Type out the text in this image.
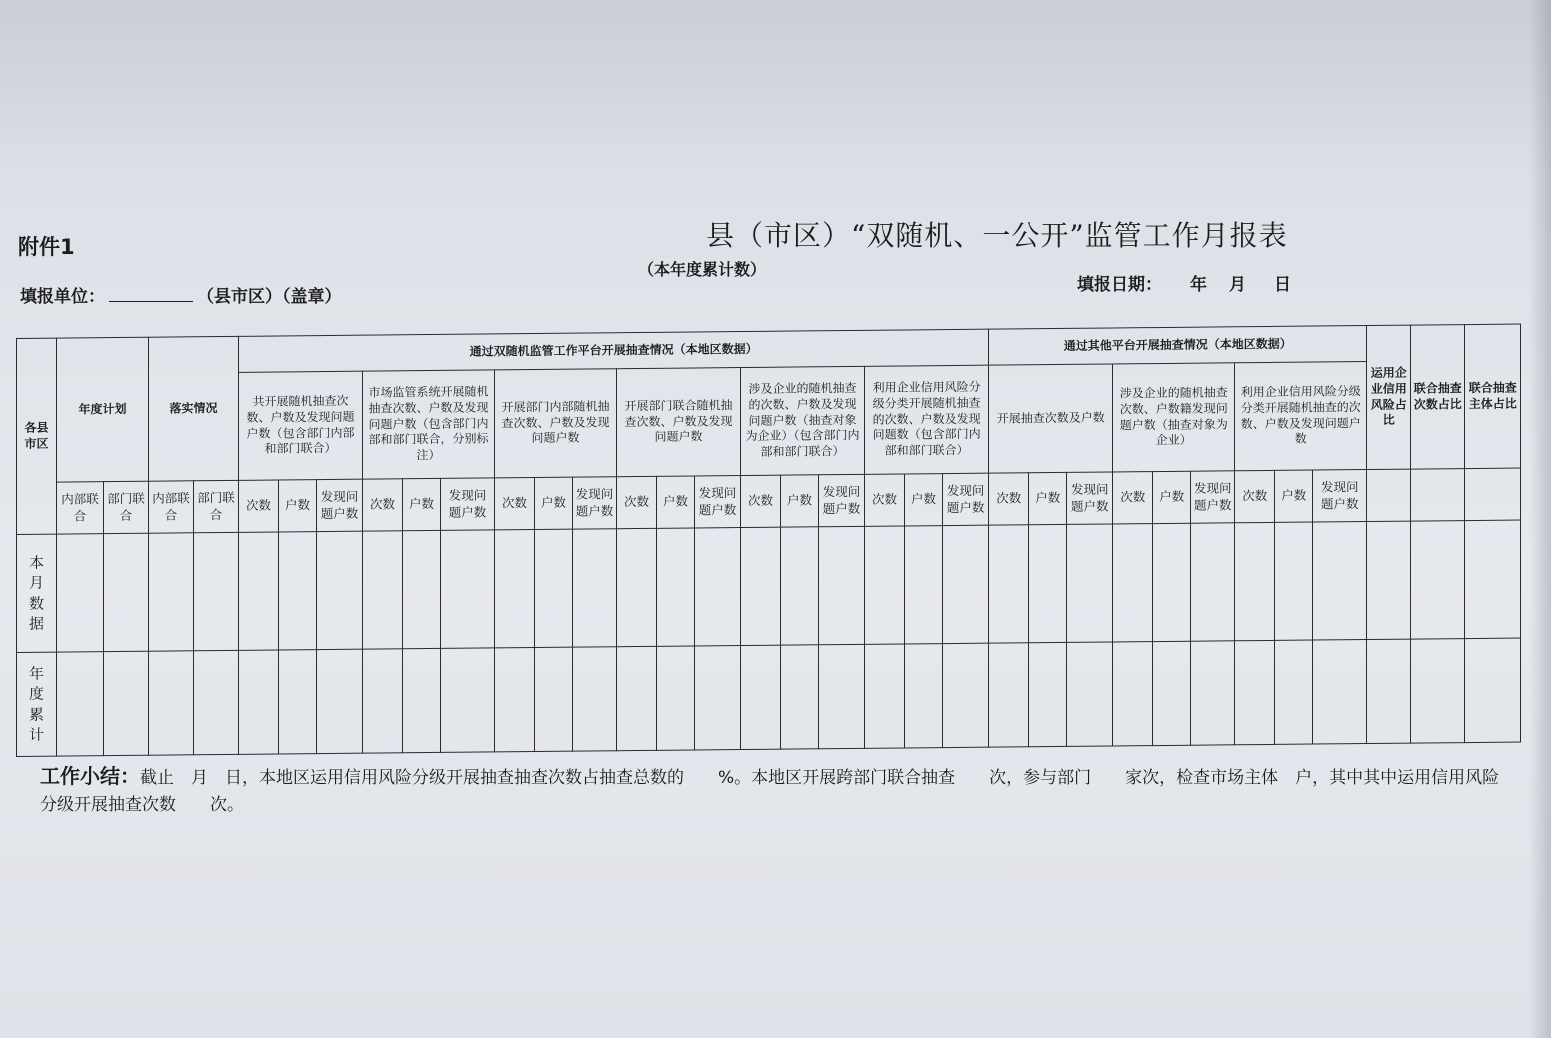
附件1	县（市区）“双随机、一公开”监管工作月报表
（本年度累计数）
填报单位：	（县市区）（盖章）
填报日期： 年 月 日
各县市区	年度计划		落实情况		通过双随机监管工作平台开展抽查情况（本地区数据）																		通过其他平台开展抽查情况（本地区数据）									运用企业信用风险占比	联合抽查次数占比	联合抽查主体占比
					共开展随机抽查次数、户数及发现问题户数（包含部门内部和部门联合）			市场监管系统开展随机抽查次数、户数及发现问题户数（包含部门内部和部门联合，分别标注）			开展部门内部随机抽查次数、户数及发现问题户数			开展部门联合随机抽查次数、户数及发现问题户数			涉及企业的随机抽查的次数、户数及发现问题户数（抽查对象为企业）（包含部门内部和部门联合）			利用企业信用风险分级分类开展随机抽查的次数、户数及发现问题数（包含部门内部和部门联合）			开展抽查次数及户数			涉及企业的随机抽查次数、户数籍发现问题户数（抽查对象为企业）			利用企业信用风险分级分类开展随机抽查的次数、户数及发现问题户数					
	内部联合	部门联合	内部联合	部门联合	次数	户数	发现问题户数	次数	户数	发现问题户数	次数	户数	发现问题户数	次数	户数	发现问题户数	次数	户数	发现问题户数	次数	户数	发现问题户数	次数	户数	发现问题户数	次数	户数	发现问题户数	次数	户数	发现问题户数			
本月数据																																		
年度累计																																		
工作小结：截止　月　日，本地区运用信用风险分级开展抽查抽查次数占抽查总数的　　%。本地区开展跨部门联合抽查　　次，参与部门　　家次，检查市场主体　户，其中其中运用信用风险分级开展抽查次数　　次。
